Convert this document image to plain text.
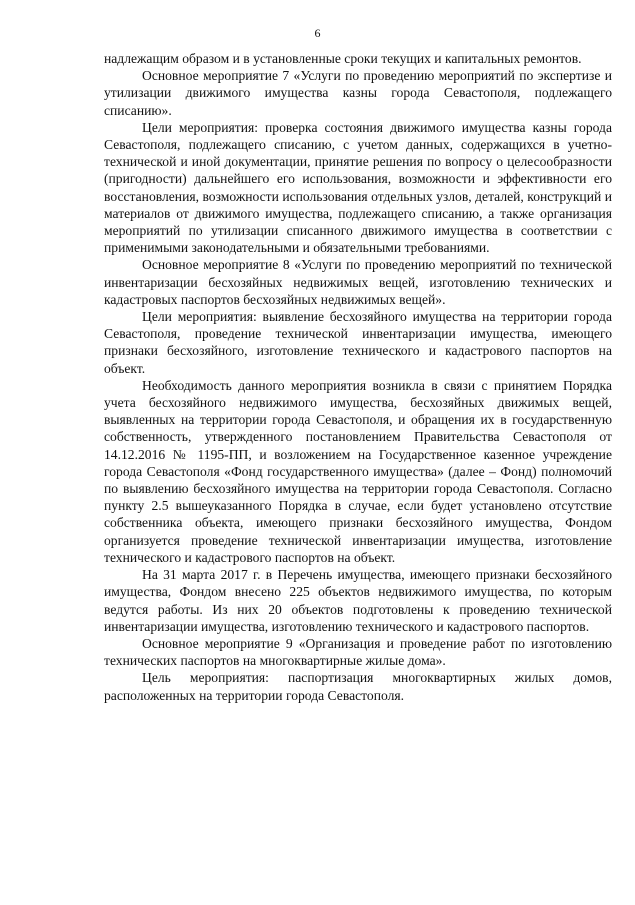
6

надлежащим образом и в установленные сроки текущих и капитальных ремонтов.

Основное мероприятие 7 «Услуги по проведению мероприятий по экспертизе и утилизации движимого имущества казны города Севастополя, подлежащего списанию».

Цели мероприятия: проверка состояния движимого имущества казны города Севастополя, подлежащего списанию, с учетом данных, содержащихся в учетно-технической и иной документации, принятие решения по вопросу о целесообразности (пригодности) дальнейшего его использования, возможности и эффективности его восстановления, возможности использования отдельных узлов, деталей, конструкций и материалов от движимого имущества, подлежащего списанию, а также организация мероприятий по утилизации списанного движимого имущества в соответствии с применимыми законодательными и обязательными требованиями.

Основное мероприятие 8 «Услуги по проведению мероприятий по технической инвентаризации бесхозяйных недвижимых вещей, изготовлению технических и кадастровых паспортов бесхозяйных недвижимых вещей».

Цели мероприятия: выявление бесхозяйного имущества на территории города Севастополя, проведение технической инвентаризации имущества, имеющего признаки бесхозяйного, изготовление технического и кадастрового паспортов на объект.

Необходимость данного мероприятия возникла в связи с принятием Порядка учета бесхозяйного недвижимого имущества, бесхозяйных движимых вещей, выявленных на территории города Севастополя, и обращения их в государственную собственность, утвержденного постановлением Правительства Севастополя от 14.12.2016 № 1195-ПП, и возложением на Государственное казенное учреждение города Севастополя «Фонд государственного имущества» (далее – Фонд) полномочий по выявлению бесхозяйного имущества на территории города Севастополя. Согласно пункту 2.5 вышеуказанного Порядка в случае, если будет установлено отсутствие собственника объекта, имеющего признаки бесхозяйного имущества, Фондом организуется проведение технической инвентаризации имущества, изготовление технического и кадастрового паспортов на объект.

На 31 марта 2017 г. в Перечень имущества, имеющего признаки бесхозяйного имущества, Фондом внесено 225 объектов недвижимого имущества, по которым ведутся работы. Из них 20 объектов подготовлены к проведению технической инвентаризации имущества, изготовлению технического и кадастрового паспортов.

Основное мероприятие 9 «Организация и проведение работ по изготовлению технических паспортов на многоквартирные жилые дома».

Цель мероприятия: паспортизация многоквартирных жилых домов, расположенных на территории города Севастополя.
